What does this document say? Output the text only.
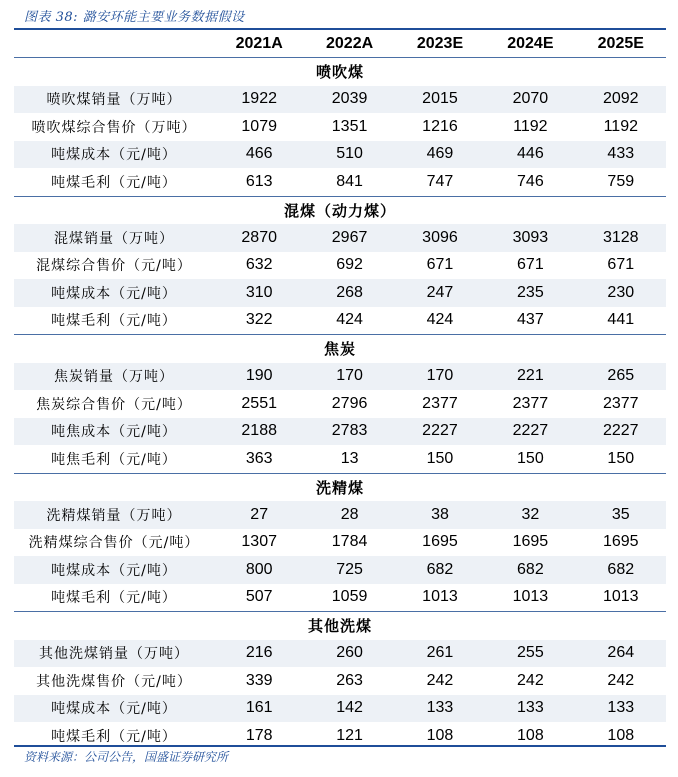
图表 38: 潞安环能主要业务数据假设
	2021A	2022A	2023E	2024E	2025E
喷吹煤					
喷吹煤销量（万吨）	1922	2039	2015	2070	2092
喷吹煤综合售价（万吨）	1079	1351	1216	1192	1192
吨煤成本（元/吨）	466	510	469	446	433
吨煤毛利（元/吨）	613	841	747	746	759
混煤（动力煤）					
混煤销量（万吨）	2870	2967	3096	3093	3128
混煤综合售价（元/吨）	632	692	671	671	671
吨煤成本（元/吨）	310	268	247	235	230
吨煤毛利（元/吨）	322	424	424	437	441
焦炭					
焦炭销量（万吨）	190	170	170	221	265
焦炭综合售价（元/吨）	2551	2796	2377	2377	2377
吨焦成本（元/吨）	2188	2783	2227	2227	2227
吨焦毛利（元/吨）	363	13	150	150	150
洗精煤					
洗精煤销量（万吨）	27	28	38	32	35
洗精煤综合售价（元/吨）	1307	1784	1695	1695	1695
吨煤成本（元/吨）	800	725	682	682	682
吨煤毛利（元/吨）	507	1059	1013	1013	1013
其他洗煤					
其他洗煤销量（万吨）	216	260	261	255	264
其他洗煤售价（元/吨）	339	263	242	242	242
吨煤成本（元/吨）	161	142	133	133	133
吨煤毛利（元/吨）	178	121	108	108	108
资料来源：公司公告，国盛证券研究所
